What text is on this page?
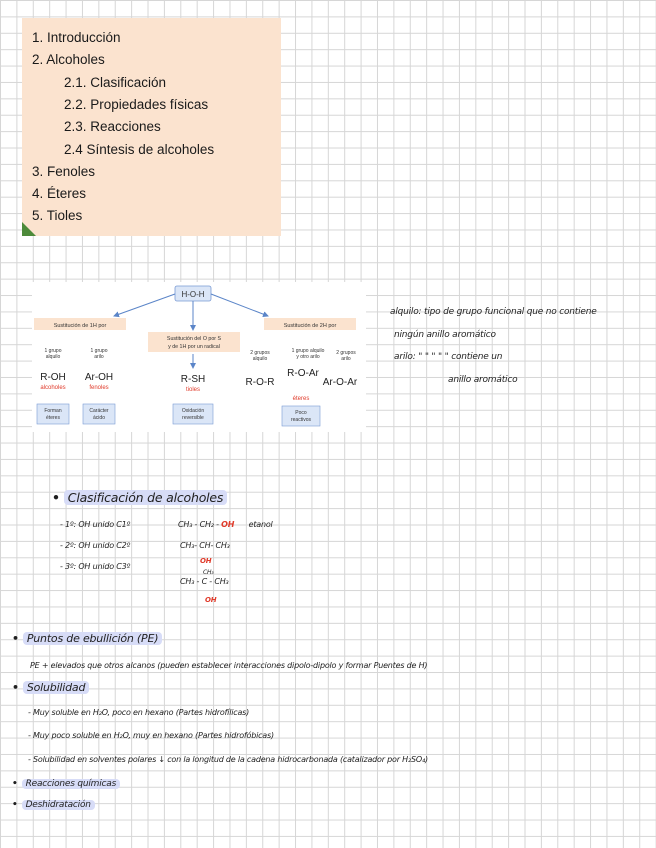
1. Introducción
2. Alcoholes
2.1. Clasificación
2.2. Propiedades físicas
2.3. Reacciones
2.4 Síntesis de alcoholes
3. Fenoles
4. Éteres
5. Tioles
H-O-H
Sustitución de 1H por
1 grupo
alquilo
1 grupo
arilo
R-OH Ar-OH
alcoholes	fenoles
Forman
éteres
Carácter
ácido
Sustitución del O por S
y de 1H por un radical
R-SH
tioles
Oxidación
reversible
Sustitución de 2H por
2 grupos
alquilo
1 grupo alquilo
y otro arilo
2 grupos
arilo
R-O-R
R-O-Ar
Ar-O-Ar
éteres
Poco
reactivos
alquilo: tipo de grupo funcional que no contiene
ningún anillo aromático
arilo: " " " " " contiene un
anillo aromático
• Clasificación de alcoholes
- 1º: OH unido C1º	CH₃ - CH₂ - OH etanol
- 2º: OH unido C2º	CH₃- CH- CH₃
OH
- 3º: OH unido C3º
CH₃
CH₃ - C - CH₃
OH
• Puntos de ebullición (PE)
PE + elevados que otros alcanos (pueden establecer interacciones dipolo-dipolo y formar Puentes de H)
• Solubilidad
- Muy soluble en H₂O, poco en hexano (Partes hidrofílicas)
- Muy poco soluble en H₂O, muy en hexano (Partes hidrofóbicas)
- Solubilidad en solventes polares ↓ con la longitud de la cadena hidrocarbonada (catalizador por H₂SO₄)
• Reacciones químicas
• Deshidratación
